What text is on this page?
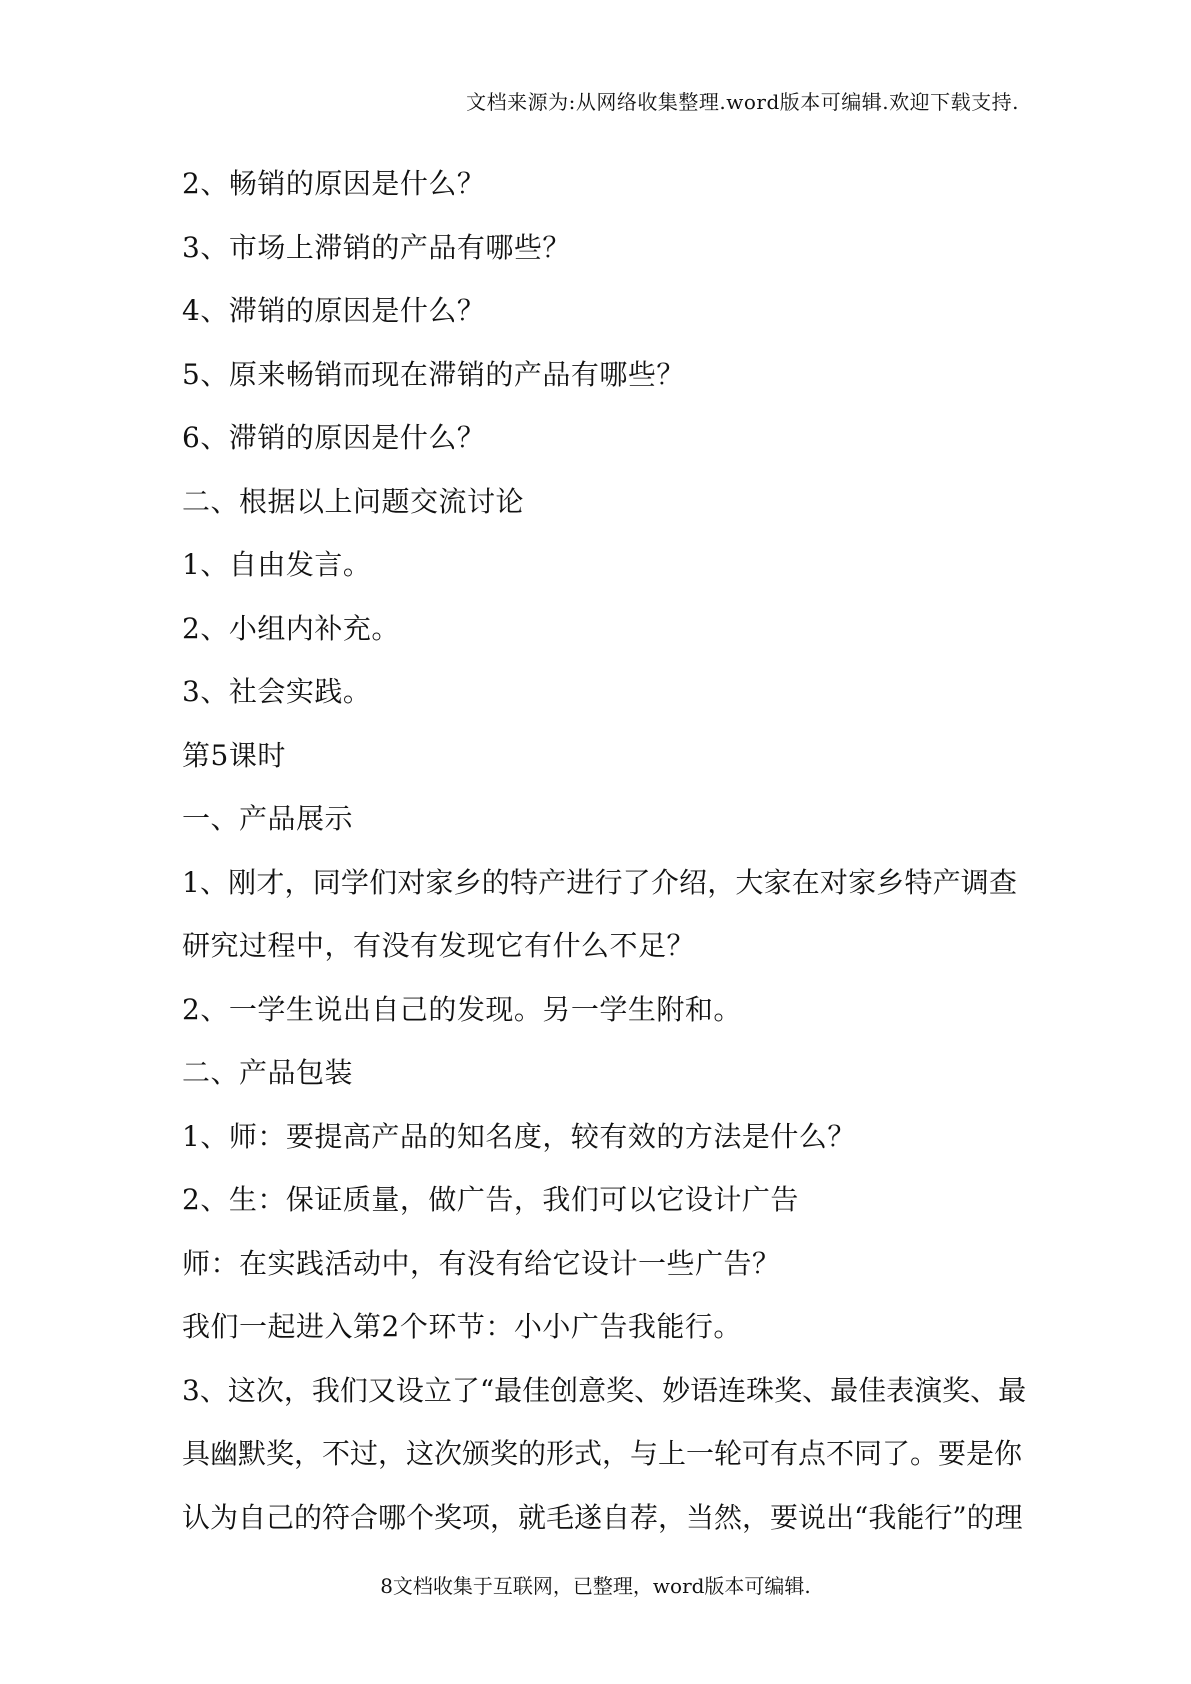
文档来源为:从网络收集整理.word版本可编辑.欢迎下载支持.
2、畅销的原因是什么？
3、市场上滞销的产品有哪些？
4、滞销的原因是什么？
5、原来畅销而现在滞销的产品有哪些？
6、滞销的原因是什么？
二、根据以上问题交流讨论
1、自由发言。
2、小组内补充。
3、社会实践。
第5课时
一、产品展示
1、刚才，同学们对家乡的特产进行了介绍，大家在对家乡特产调查
研究过程中，有没有发现它有什么不足？
2、一学生说出自己的发现。另一学生附和。
二、产品包装
1、师：要提高产品的知名度，较有效的方法是什么？
2、生：保证质量，做广告，我们可以它设计广告
师：在实践活动中，有没有给它设计一些广告？
我们一起进入第2个环节：小小广告我能行。
3、这次，我们又设立了“最佳创意奖、妙语连珠奖、最佳表演奖、最
具幽默奖，不过，这次颁奖的形式，与上一轮可有点不同了。要是你
认为自己的符合哪个奖项，就毛遂自荐，当然，要说出“我能行”的理
8文档收集于互联网，已整理，word版本可编辑.
